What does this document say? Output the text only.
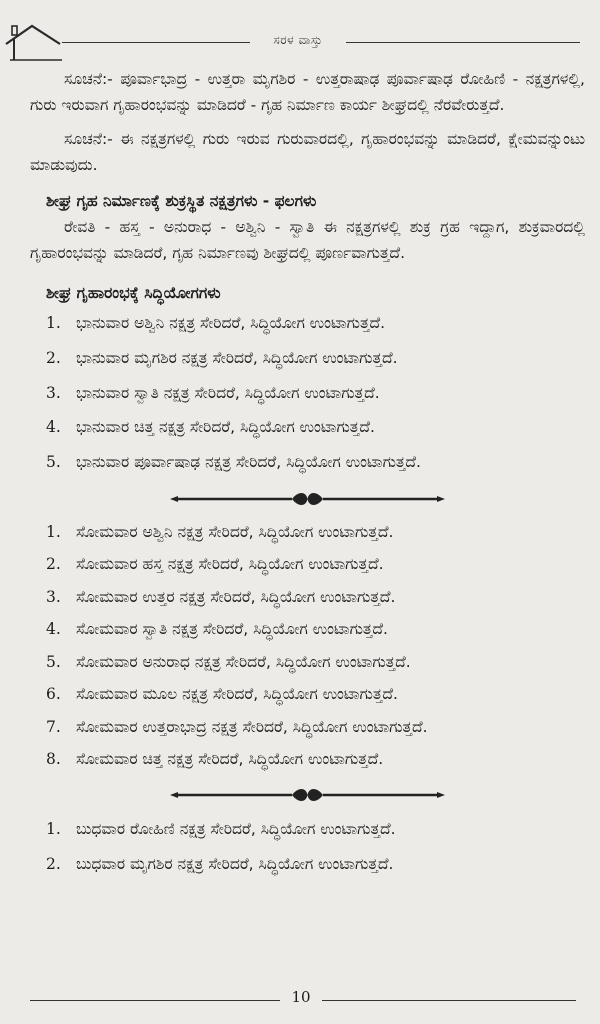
ಸರಳ ವಾಸ್ತು

ಸೂಚನೆ:- ಪೂರ್ವಾಭಾದ್ರ - ಉತ್ತರಾ ಮೃಗಶಿರ - ಉತ್ತರಾಷಾಢ ಪೂರ್ವಾಷಾಢ ರೋಹಿಣಿ - ನಕ್ಷತ್ರಗಳಲ್ಲಿ, ಗುರು ಇರುವಾಗ ಗೃಹಾರಂಭವನ್ನು ಮಾಡಿದರೆ - ಗೃಹ ನಿರ್ಮಾಣ ಕಾರ್ಯ ಶೀಘ್ರದಲ್ಲಿ ನೆರವೇರುತ್ತದೆ.

ಸೂಚನೆ:- ಈ ನಕ್ಷತ್ರಗಳಲ್ಲಿ ಗುರು ಇರುವ ಗುರುವಾರದಲ್ಲಿ, ಗೃಹಾರಂಭವನ್ನು ಮಾಡಿದರೆ, ಕ್ಷೇಮವನ್ನುಂಟು ಮಾಡುವುದು.

ಶೀಘ್ರ ಗೃಹ ನಿರ್ಮಾಣಕ್ಕೆ ಶುಕ್ರಸ್ಥಿತ ನಕ್ಷತ್ರಗಳು - ಫಲಗಳು

ರೇವತಿ - ಹಸ್ತ - ಅನುರಾಧ - ಅಶ್ವಿನಿ - ಸ್ವಾತಿ ಈ ನಕ್ಷತ್ರಗಳಲ್ಲಿ ಶುಕ್ರ ಗ್ರಹ ಇದ್ದಾಗ, ಶುಕ್ರವಾರದಲ್ಲಿ ಗೃಹಾರಂಭವನ್ನು ಮಾಡಿದರೆ, ಗೃಹ ನಿರ್ಮಾಣವು ಶೀಘ್ರದಲ್ಲಿ ಪೂರ್ಣವಾಗುತ್ತದೆ.

ಶೀಘ್ರ ಗೃಹಾರಂಭಕ್ಕೆ ಸಿದ್ಧಿಯೋಗಗಳು
1. ಭಾನುವಾರ ಅಶ್ವಿನಿ ನಕ್ಷತ್ರ ಸೇರಿದರೆ, ಸಿದ್ಧಿಯೋಗ ಉಂಟಾಗುತ್ತದೆ.
2. ಭಾನುವಾರ ಮೃಗಶಿರ ನಕ್ಷತ್ರ ಸೇರಿದರೆ, ಸಿದ್ಧಿಯೋಗ ಉಂಟಾಗುತ್ತದೆ.
3. ಭಾನುವಾರ ಸ್ವಾತಿ ನಕ್ಷತ್ರ ಸೇರಿದರೆ, ಸಿದ್ಧಿಯೋಗ ಉಂಟಾಗುತ್ತದೆ.
4. ಭಾನುವಾರ ಚಿತ್ತ ನಕ್ಷತ್ರ ಸೇರಿದರೆ, ಸಿದ್ಧಿಯೋಗ ಉಂಟಾಗುತ್ತದೆ.
5. ಭಾನುವಾರ ಪೂರ್ವಾಷಾಢ ನಕ್ಷತ್ರ ಸೇರಿದರೆ, ಸಿದ್ಧಿಯೋಗ ಉಂಟಾಗುತ್ತದೆ.
1. ಸೋಮವಾರ ಅಶ್ವಿನಿ ನಕ್ಷತ್ರ ಸೇರಿದರೆ, ಸಿದ್ಧಿಯೋಗ ಉಂಟಾಗುತ್ತದೆ.
2. ಸೋಮವಾರ ಹಸ್ತ ನಕ್ಷತ್ರ ಸೇರಿದರೆ, ಸಿದ್ಧಿಯೋಗ ಉಂಟಾಗುತ್ತದೆ.
3. ಸೋಮವಾರ ಉತ್ತರ ನಕ್ಷತ್ರ ಸೇರಿದರೆ, ಸಿದ್ಧಿಯೋಗ ಉಂಟಾಗುತ್ತದೆ.
4. ಸೋಮವಾರ ಸ್ವಾತಿ ನಕ್ಷತ್ರ ಸೇರಿದರೆ, ಸಿದ್ಧಿಯೋಗ ಉಂಟಾಗುತ್ತದೆ.
5. ಸೋಮವಾರ ಅನುರಾಧ ನಕ್ಷತ್ರ ಸೇರಿದರೆ, ಸಿದ್ಧಿಯೋಗ ಉಂಟಾಗುತ್ತದೆ.
6. ಸೋಮವಾರ ಮೂಲ ನಕ್ಷತ್ರ ಸೇರಿದರೆ, ಸಿದ್ಧಿಯೋಗ ಉಂಟಾಗುತ್ತದೆ.
7. ಸೋಮವಾರ ಉತ್ತರಾಭಾದ್ರ ನಕ್ಷತ್ರ ಸೇರಿದರೆ, ಸಿದ್ಧಿಯೋಗ ಉಂಟಾಗುತ್ತದೆ.
8. ಸೋಮವಾರ ಚಿತ್ತ ನಕ್ಷತ್ರ ಸೇರಿದರೆ, ಸಿದ್ಧಿಯೋಗ ಉಂಟಾಗುತ್ತದೆ.
1. ಬುಧವಾರ ರೋಹಿಣಿ ನಕ್ಷತ್ರ ಸೇರಿದರೆ, ಸಿದ್ಧಿಯೋಗ ಉಂಟಾಗುತ್ತದೆ.
2. ಬುಧವಾರ ಮೃಗಶಿರ ನಕ್ಷತ್ರ ಸೇರಿದರೆ, ಸಿದ್ಧಿಯೋಗ ಉಂಟಾಗುತ್ತದೆ.
10
